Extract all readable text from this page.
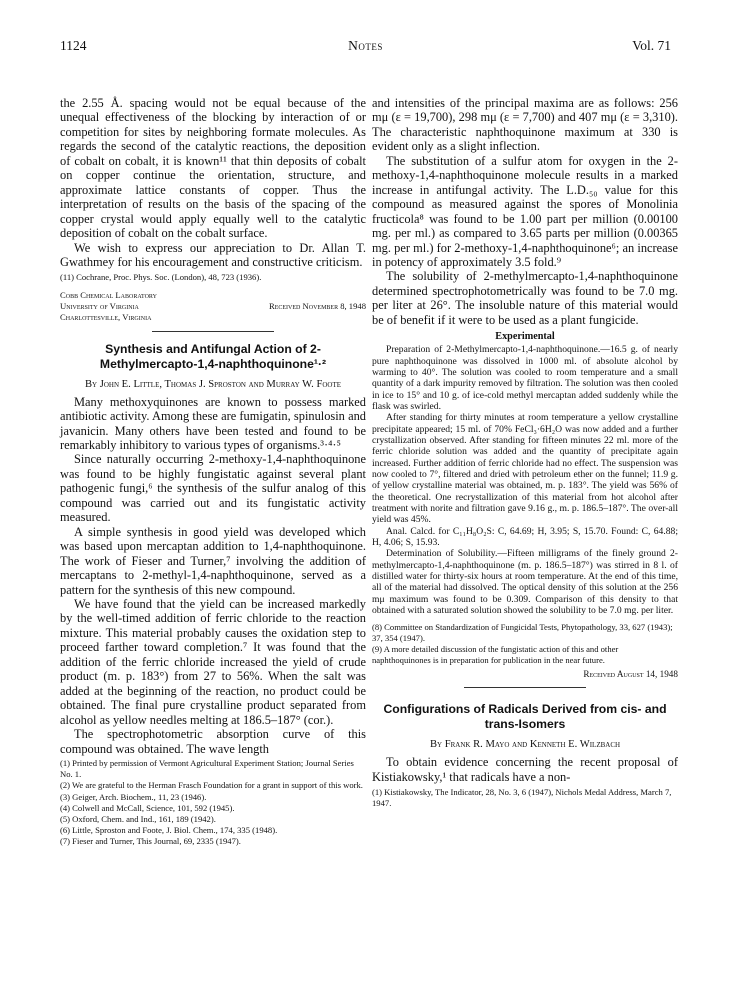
1124	Notes	Vol. 71

the 2.55 Å. spacing would not be equal because of the unequal effectiveness of the blocking by interaction of or competition for sites by neighboring formate molecules. As regards the second of the catalytic reactions, the deposition of cobalt on cobalt, it is known¹¹ that thin deposits of cobalt on copper continue the orientation, structure, and approximate lattice constants of copper. Thus the interpretation of results on the basis of the spacing of the copper crystal would apply equally well to the catalytic deposition of cobalt on the cobalt surface.

We wish to express our appreciation to Dr. Allan T. Gwathmey for his encouragement and constructive criticism.

(11) Cochrane, Proc. Phys. Soc. (London), 48, 723 (1936).

Cobb Chemical Laboratory
University of Virginia	Received November 8, 1948
Charlottesville, Virginia
Synthesis and Antifungal Action of 2-Methylmercapto-1,4-naphthoquinone¹·²
By John E. Little, Thomas J. Sproston and Murray W. Foote

Many methoxyquinones are known to possess marked antibiotic activity. Among these are fumigatin, spinulosin and javanicin. Many others have been tested and found to be remarkably inhibitory to various types of organisms.³·⁴·⁵

Since naturally occurring 2-methoxy-1,4-naphthoquinone was found to be highly fungistatic against several plant pathogenic fungi,⁶ the synthesis of the sulfur analog of this compound was carried out and its fungistatic activity measured.

A simple synthesis in good yield was developed which was based upon mercaptan addition to 1,4-naphthoquinone. The work of Fieser and Turner,⁷ involving the addition of mercaptans to 2-methyl-1,4-naphthoquinone, served as a pattern for the synthesis of this new compound.

We have found that the yield can be increased markedly by the well-timed addition of ferric chloride to the reaction mixture. This material probably causes the oxidation step to proceed farther toward completion.⁷ It was found that the addition of the ferric chloride increased the yield of crude product (m. p. 183°) from 27 to 56%. When the salt was added at the beginning of the reaction, no product could be obtained. The final pure crystalline product separated from alcohol as yellow needles melting at 186.5–187° (cor.).

The spectrophotometric absorption curve of this compound was obtained. The wave length

(1) Printed by permission of Vermont Agricultural Experiment Station; Journal Series No. 1.

(2) We are grateful to the Herman Frasch Foundation for a grant in support of this work.

(3) Geiger, Arch. Biochem., 11, 23 (1946).

(4) Colwell and McCall, Science, 101, 592 (1945).

(5) Oxford, Chem. and Ind., 161, 189 (1942).

(6) Little, Sproston and Foote, J. Biol. Chem., 174, 335 (1948).

(7) Fieser and Turner, This Journal, 69, 2335 (1947).

and intensities of the principal maxima are as follows: 256 mμ (ε = 19,700), 298 mμ (ε = 7,700) and 407 mμ (ε = 3,310). The characteristic naphthoquinone maximum at 330 is evident only as a slight inflection.

The substitution of a sulfur atom for oxygen in the 2-methoxy-1,4-naphthoquinone molecule results in a marked increase in antifungal activity. The L.D.₅₀ value for this compound as measured against the spores of Monolinia fructicola⁸ was found to be 1.00 part per million (0.00100 mg. per ml.) as compared to 3.65 parts per million (0.00365 mg. per ml.) for 2-methoxy-1,4-naphthoquinone⁶; an increase in potency of approximately 3.5 fold.⁹

The solubility of 2-methylmercapto-1,4-naphthoquinone determined spectrophotometrically was found to be 7.0 mg. per liter at 26°. The insoluble nature of this material would be of benefit if it were to be used as a plant fungicide.

Experimental

Preparation of 2-Methylmercapto-1,4-naphthoquinone.—16.5 g. of nearly pure naphthoquinone was dissolved in 1000 ml. of absolute alcohol by warming to 40°. The solution was cooled to room temperature and a small quantity of a dark impurity removed by filtration. The solution was then cooled in ice to 15° and 10 g. of ice-cold methyl mercaptan added suddenly while the flask was swirled.

After standing for thirty minutes at room temperature a yellow crystalline precipitate appeared; 15 ml. of 70% FeCl₃·6H₂O was now added and a further crystallization observed. After standing for fifteen minutes 22 ml. more of the ferric chloride solution was added and the quantity of precipitate again increased. Further addition of ferric chloride had no effect. The suspension was now cooled to 7°, filtered and dried with petroleum ether on the funnel; 11.9 g. of yellow crystalline material was obtained, m. p. 183°. The yield was 56% of the theoretical. One recrystallization of this material from hot alcohol after treatment with norite and filtration gave 9.16 g., m. p. 186.5–187°. The over-all yield was 45%.

Anal. Calcd. for C₁₁H₈O₂S: C, 64.69; H, 3.95; S, 15.70. Found: C, 64.88; H, 4.06; S, 15.93.

Determination of Solubility.—Fifteen milligrams of the finely ground 2-methylmercapto-1,4-naphthoquinone (m. p. 186.5–187°) was stirred in 8 l. of distilled water for thirty-six hours at room temperature. At the end of this time, all of the material had dissolved. The optical density of this solution at the 256 mμ maximum was found to be 0.309. Comparison of this density to that obtained with a saturated solution showed the solubility to be 7.0 mg. per liter.

(8) Committee on Standardization of Fungicidal Tests, Phytopathology, 33, 627 (1943); 37, 354 (1947).

(9) A more detailed discussion of the fungistatic action of this and other naphthoquinones is in preparation for publication in the near future.

Received August 14, 1948
Configurations of Radicals Derived from cis- and trans-Isomers
By Frank R. Mayo and Kenneth E. Wilzbach

To obtain evidence concerning the recent proposal of Kistiakowsky,¹ that radicals have a non-

(1) Kistiakowsky, The Indicator, 28, No. 3, 6 (1947), Nichols Medal Address, March 7, 1947.
